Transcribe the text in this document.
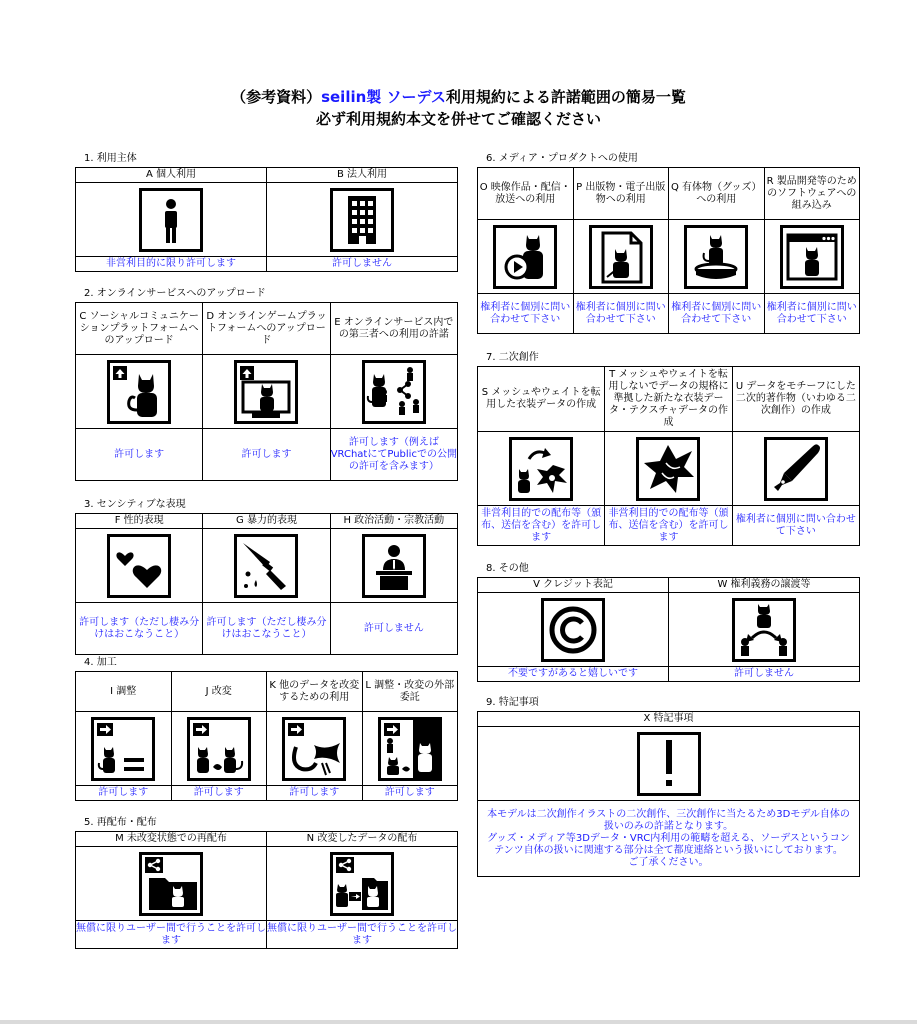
（参考資料）seilin製 ソーデス利用規約による許諾範囲の簡易一覧
必ず利用規約本文を併せてご確認ください
1. 利用主体
A 個人利用	B 法人利用

非営利目的に限り許可します	許可しません
2. オンラインサービスへのアップロード
C ソーシャルコミュニケーションプラットフォームへのアップロード	D オンラインゲームプラットフォームへのアップロード	E オンラインサービス内での第三者への利用の許諾

許可します	許可します	許可します（例えばVRChatにてPublicでの公開の許可を含みます）
3. センシティブな表現
F 性的表現	G 暴力的表現	H 政治活動・宗教活動

許可します（ただし棲み分けはおこなうこと）	許可します（ただし棲み分けはおこなうこと）	許可しません
4. 加工
I 調整	J 改変	K 他のデータを改変するための利用	L 調整・改変の外部委託

許可します	許可します	許可します	許可します
5. 再配布・配布
M 未改変状態での再配布	N 改変したデータの配布

無償に限りユーザー間で行うことを許可します	無償に限りユーザー間で行うことを許可します
6. メディア・プロダクトへの使用
O 映像作品・配信・放送への利用	P 出版物・電子出版物への利用	Q 有体物（グッズ）への利用	R 製品開発等のためのソフトウェアへの組み込み

権利者に個別に問い合わせて下さい	権利者に個別に問い合わせて下さい	権利者に個別に問い合わせて下さい	権利者に個別に問い合わせて下さい
7. 二次創作
S メッシュやウェイトを転用した衣装データの作成	T メッシュやウェイトを転用しないでデータの規格に準拠した新たな衣装データ・テクスチャデータの作成	U データをモチーフにした二次的著作物（いわゆる二次創作）の作成

非営利目的での配布等（頒布、送信を含む）を許可します	非営利目的での配布等（頒布、送信を含む）を許可します	権利者に個別に問い合わせて下さい
8. その他
V クレジット表記	W 権利義務の譲渡等

不要ですがあると嬉しいです	許可しません
9. 特記事項
X 特記事項

本モデルは二次創作イラストの二次創作、三次創作に当たるため3Dモデル自体の扱いのみの許諾となります。
グッズ・メディア等3Dデータ・VRC内利用の範疇を超える、ソーデスというコンテンツ自体の扱いに関連する部分は全て都度連絡という扱いにしております。
ご了承ください。
